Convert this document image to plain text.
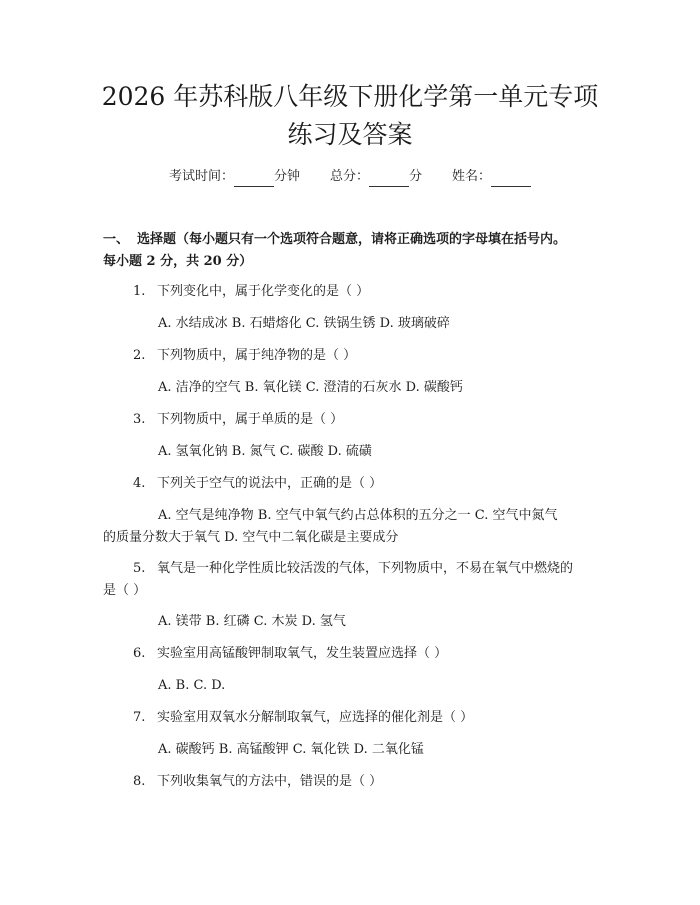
2026 年苏科版八年级下册化学第一单元专项
练习及答案
考试时间：	分钟 总分：	分 姓名：
一、 选择题（每小题只有一个选项符合题意，请将正确选项的字母填在括号内。
每小题 2 分，共 20 分）
1. 下列变化中，属于化学变化的是（ ）
A. 水结成冰 B. 石蜡熔化 C. 铁锅生锈 D. 玻璃破碎
2. 下列物质中，属于纯净物的是（ ）
A. 洁净的空气 B. 氧化镁 C. 澄清的石灰水 D. 碳酸钙
3. 下列物质中，属于单质的是（ ）
A. 氢氧化钠 B. 氮气 C. 碳酸 D. 硫磺
4. 下列关于空气的说法中，正确的是（ ）
A. 空气是纯净物 B. 空气中氧气约占总体积的五分之一 C. 空气中氮气
的质量分数大于氧气 D. 空气中二氧化碳是主要成分
5. 氧气是一种化学性质比较活泼的气体，下列物质中，不易在氧气中燃烧的
是（ ）
A. 镁带 B. 红磷 C. 木炭 D. 氢气
6. 实验室用高锰酸钾制取氧气，发生装置应选择（ ）
A. B. C. D.
7. 实验室用双氧水分解制取氧气，应选择的催化剂是（ ）
A. 碳酸钙 B. 高锰酸钾 C. 氧化铁 D. 二氧化锰
8. 下列收集氧气的方法中，错误的是（ ）
